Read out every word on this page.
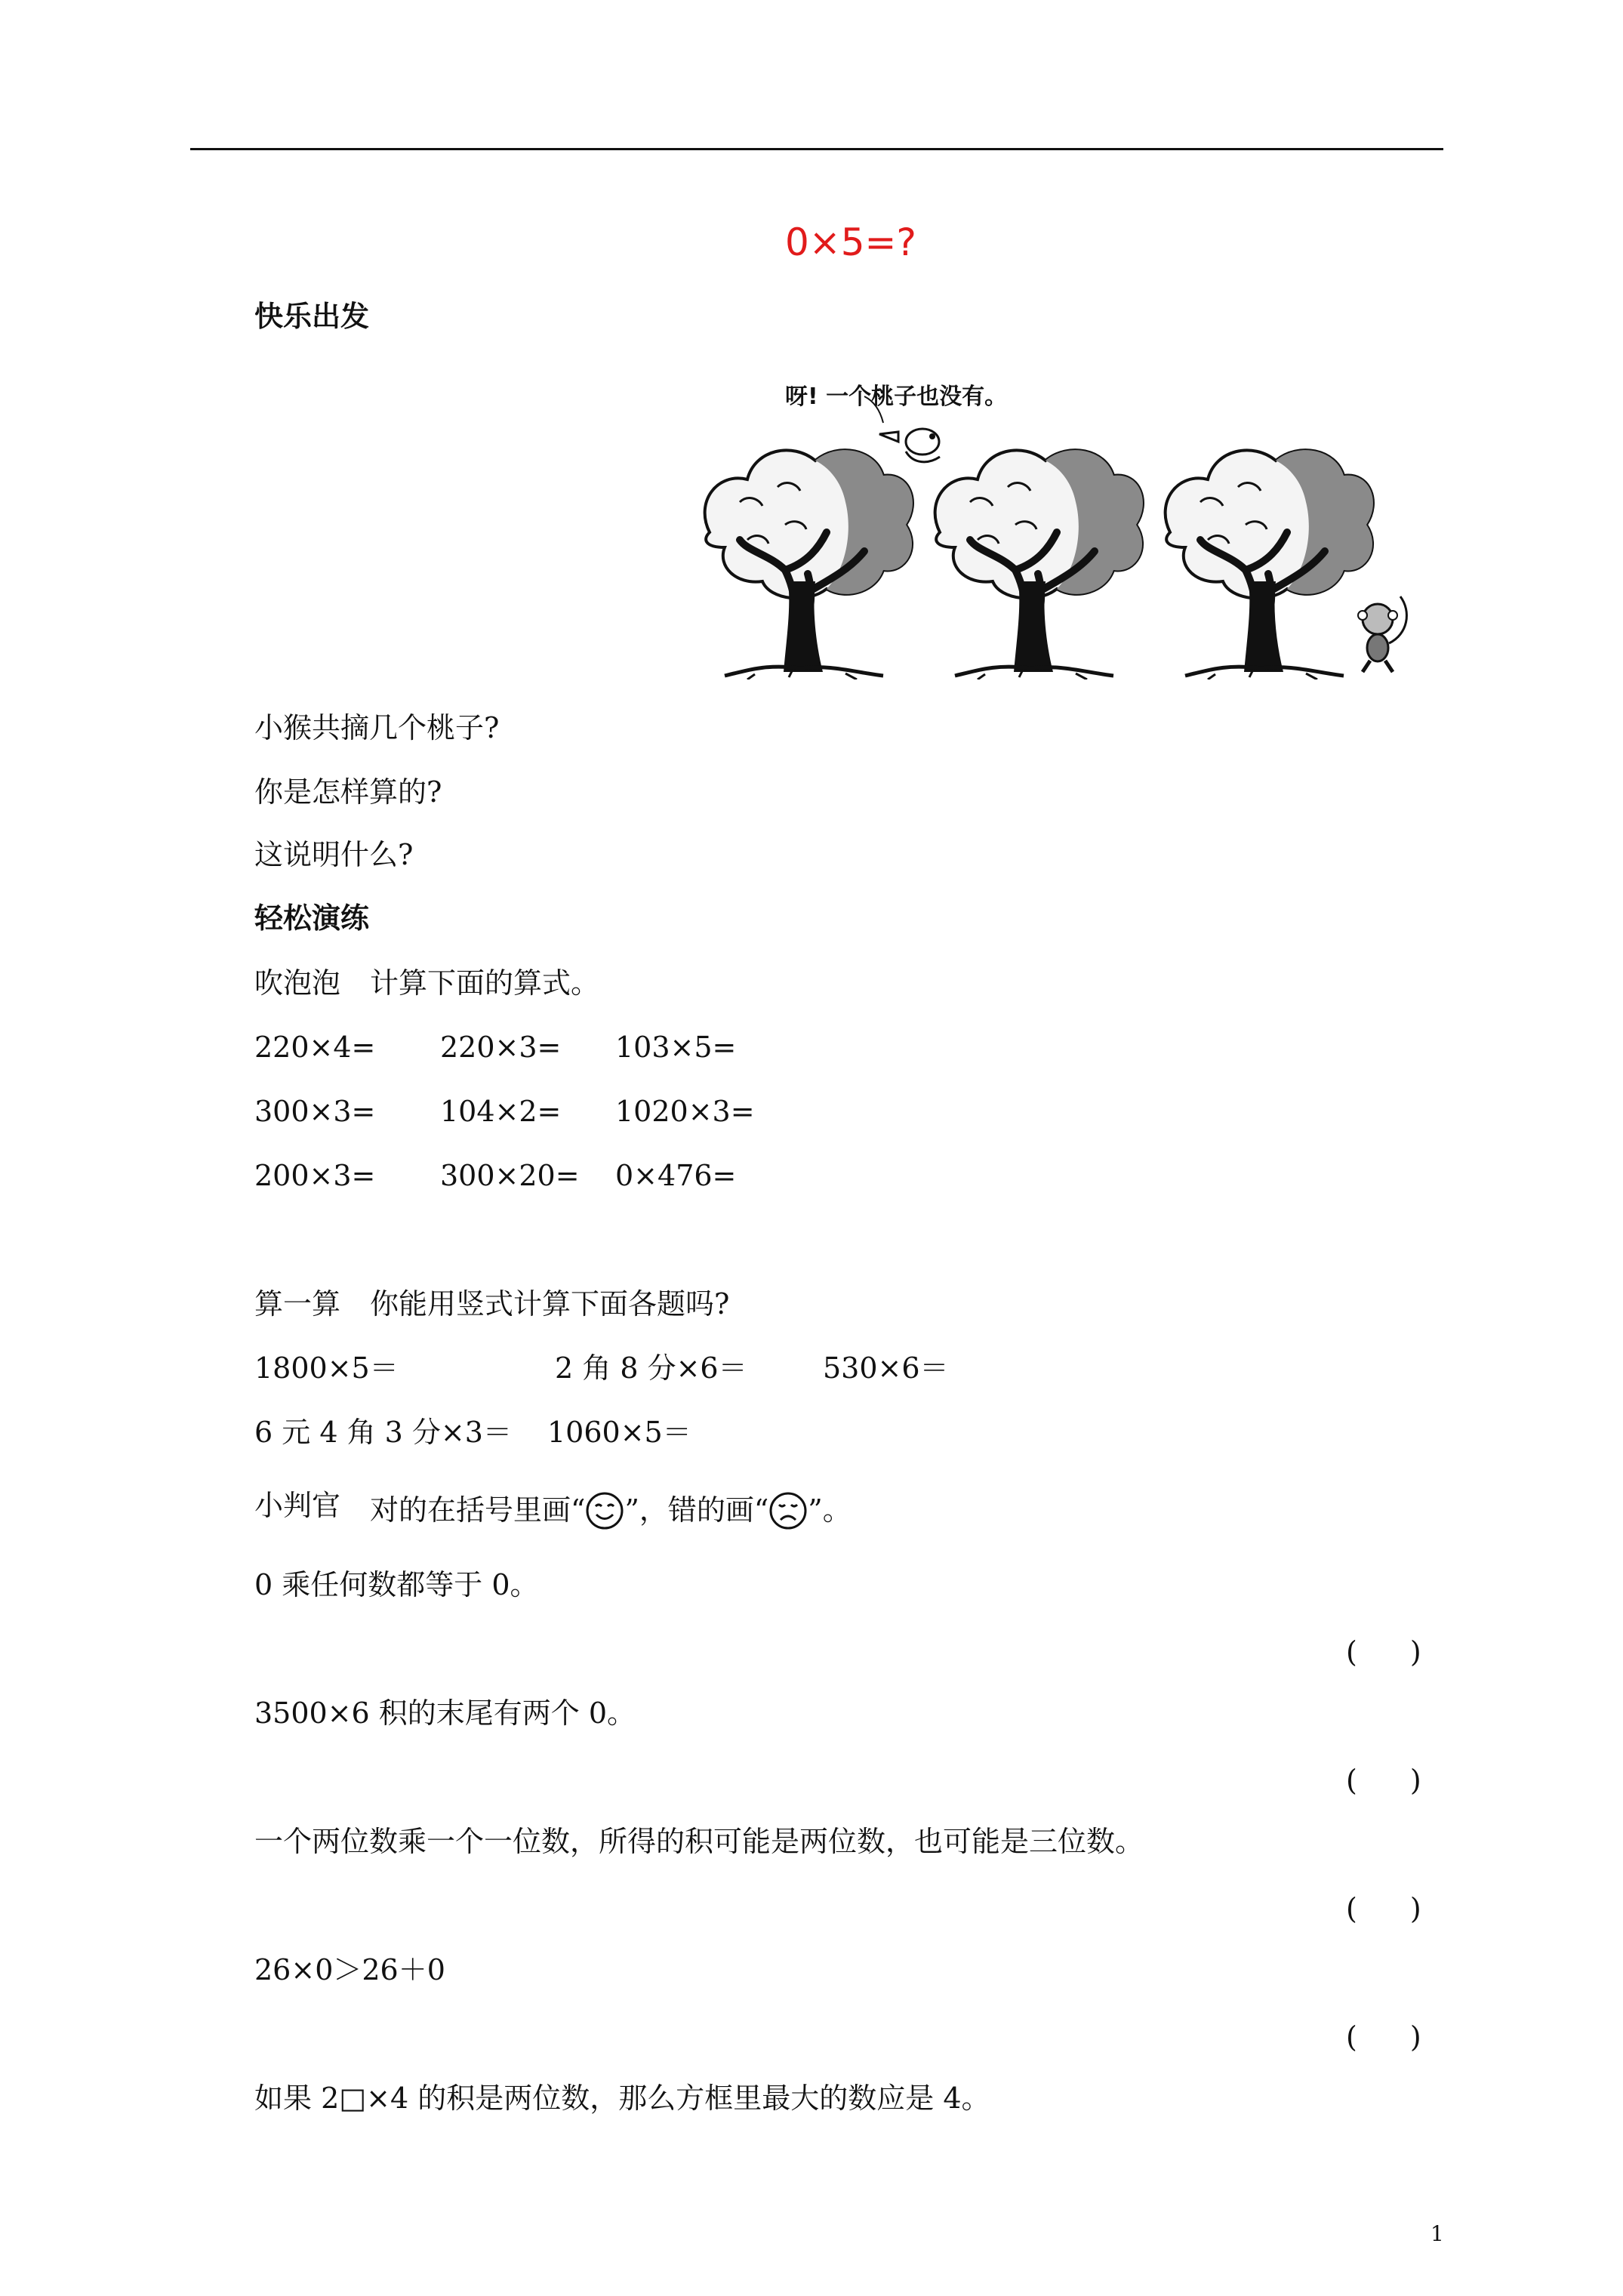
0×5=?
快乐出发
呀! 一个桃子也没有。
小猴共摘几个桃子?
你是怎样算的?
这说明什么?
轻松演练
吹泡泡 计算下面的算式。
220×4= 220×3= 103×5=
300×3= 104×2= 1020×3=
200×3= 300×20= 0×476=
算一算 你能用竖式计算下面各题吗?
1800×5＝	2 角 8 分×6＝	530×6＝
6 元 4 角 3 分×3＝ 1060×5＝
小判官 对的在括号里画“ ”，错的画“ ”。
0 乘任何数都等于 0。
( )
3500×6 积的末尾有两个 0。
( )
一个两位数乘一个一位数，所得的积可能是两位数，也可能是三位数。
( )
26×0＞26＋0
( )
如果 2□×4 的积是两位数，那么方框里最大的数应是 4。
1
